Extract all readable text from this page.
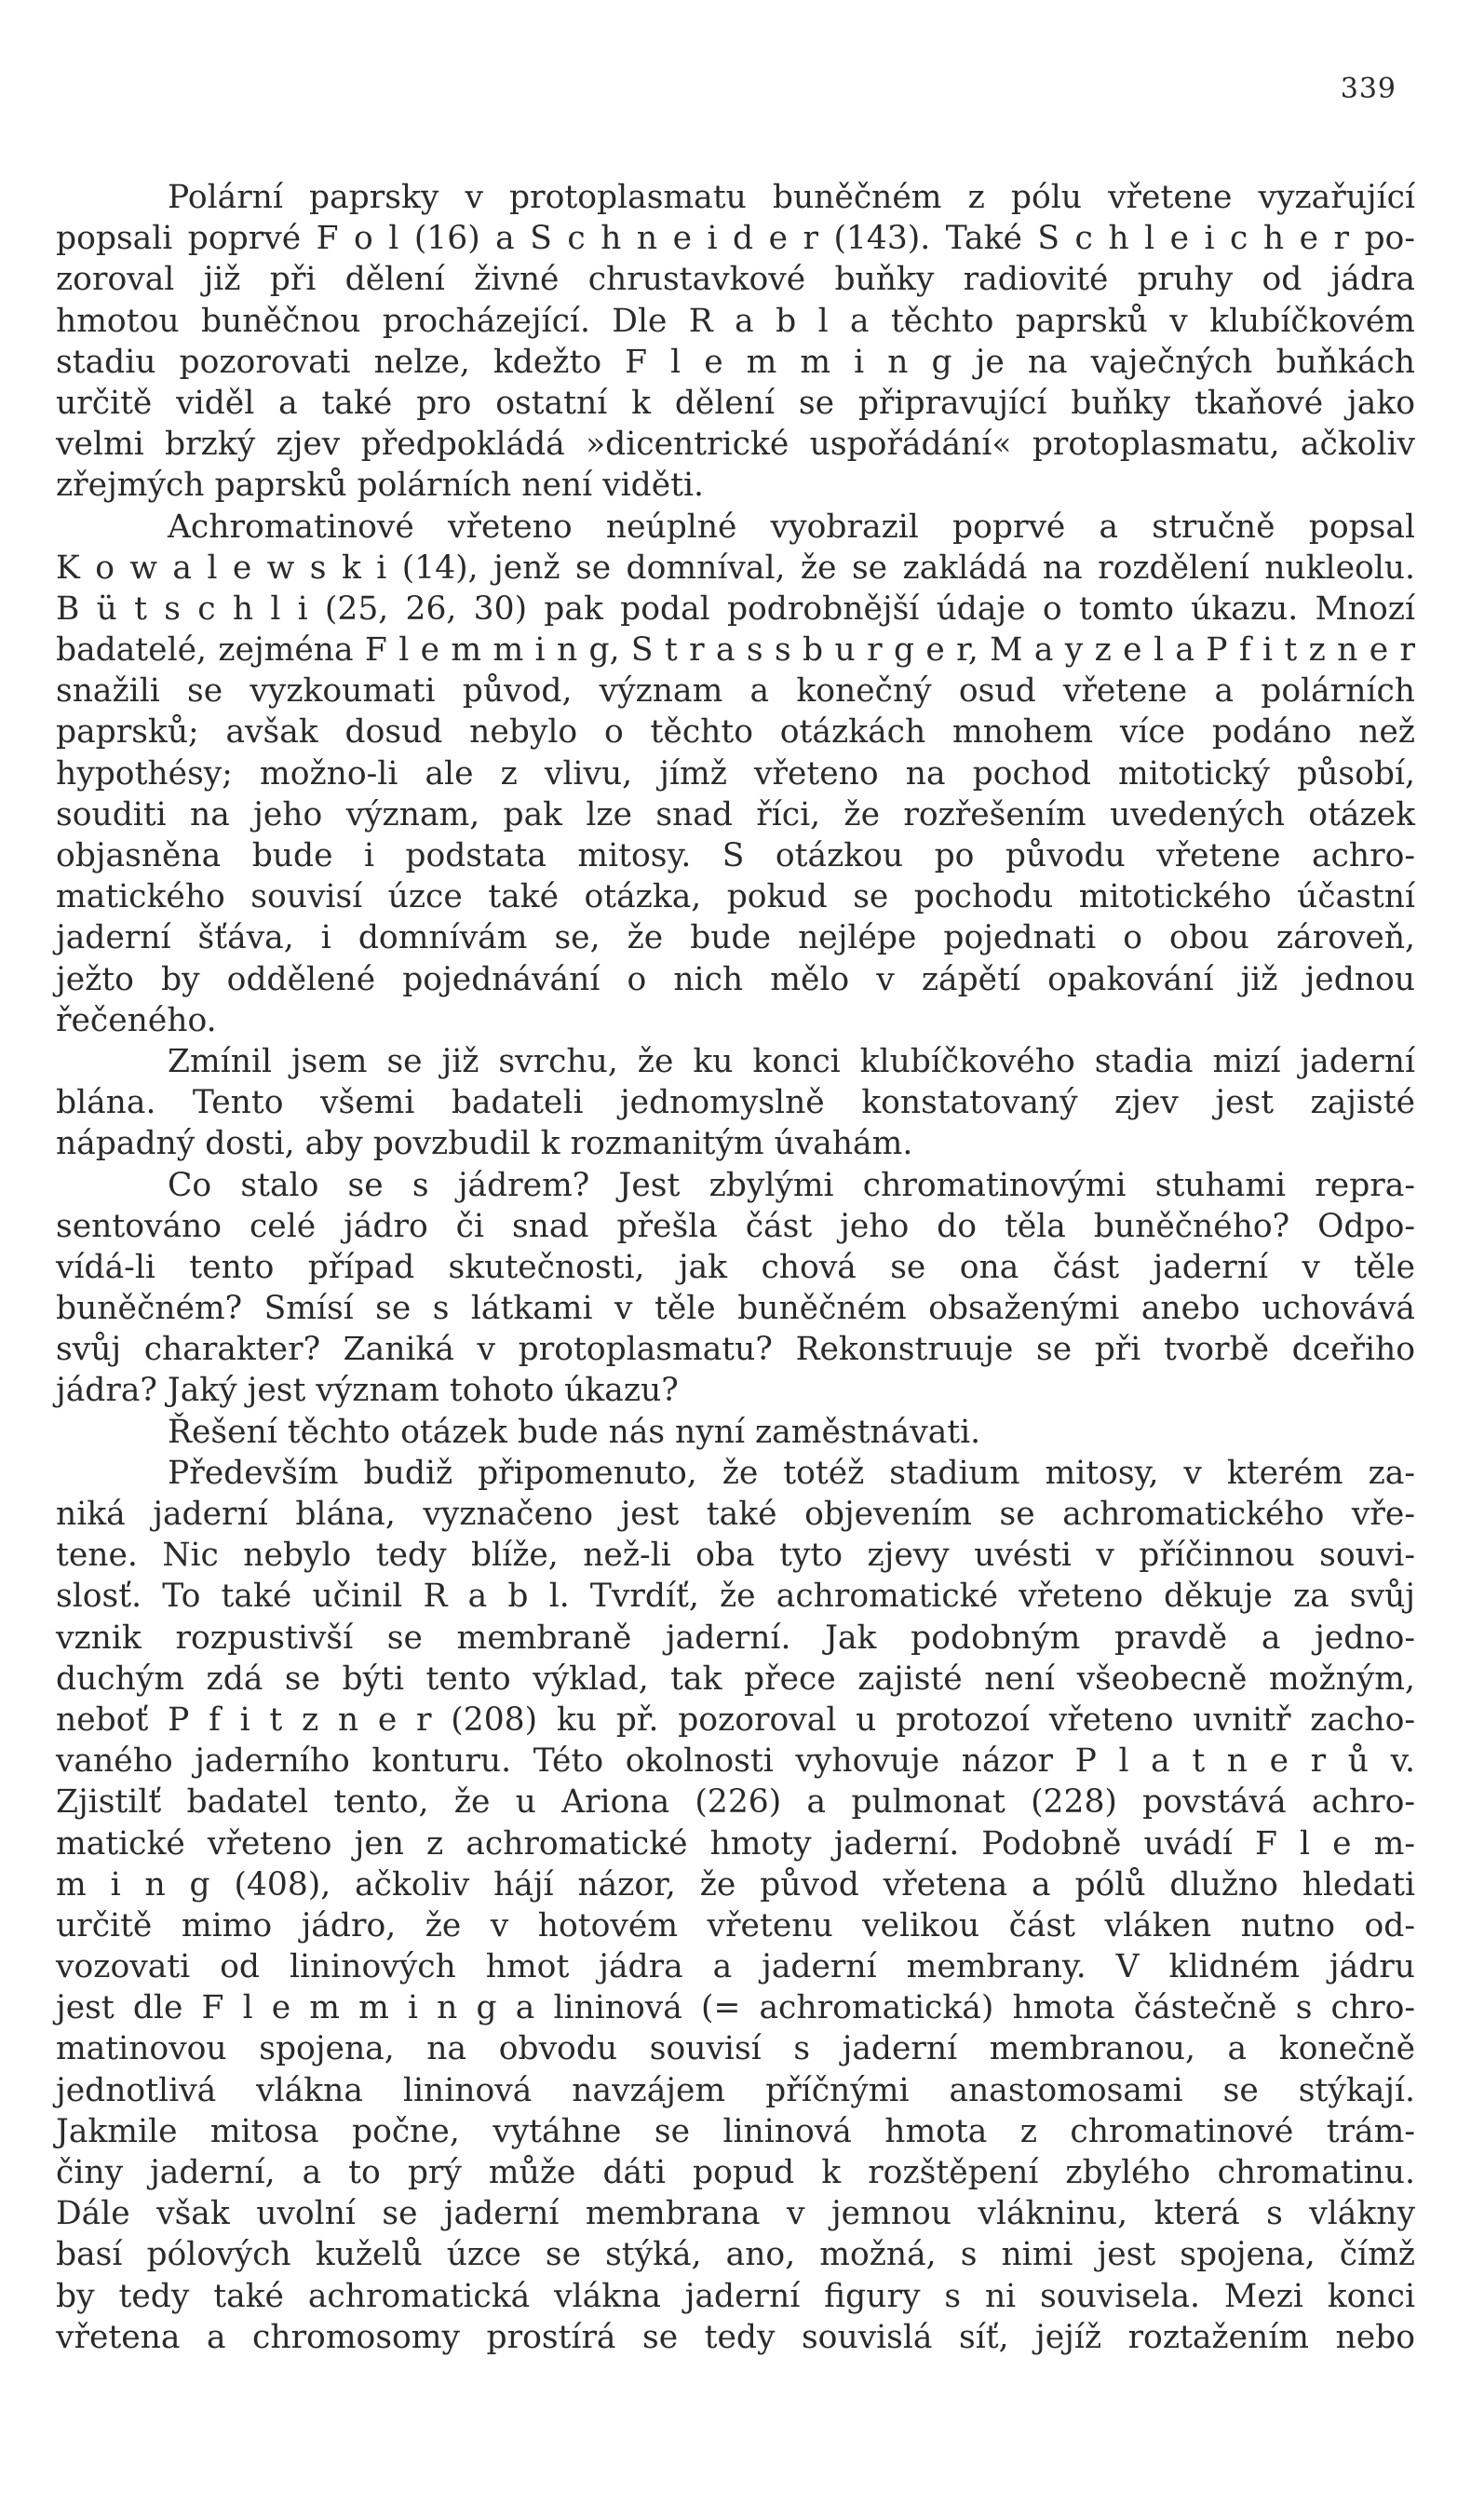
339
Polární paprsky v protoplasmatu buněčném z pólu vřetene vyzařující
popsali poprvé F o l (16) a S c h n e i d e r (143). Také S c h l e i c h e r po-
zoroval již při dělení živné chrustavkové buňky radiovité pruhy od jádra
hmotou buněčnou procházející. Dle R a b l a těchto paprsků v klubíčkovém
stadiu pozorovati nelze, kdežto F l e m m i n g je na vaječných buňkách
určitě viděl a také pro ostatní k dělení se připravující buňky tkaňové jako
velmi brzký zjev předpokládá »dicentrické uspořádání« protoplasmatu, ačkoliv
zřejmých paprsků polárních není viděti.
Achromatinové vřeteno neúplné vyobrazil poprvé a stručně popsal
K o w a l e w s k i (14), jenž se domníval, že se zakládá na rozdělení nukleolu.
B ü t s c h l i (25, 26, 30) pak podal podrobnější údaje o tomto úkazu. Mnozí
badatelé, zejména F l e m m i n g, S t r a s s b u r g e r, M a y z e l a P f i t z n e r
snažili se vyzkoumati původ, význam a konečný osud vřetene a polárních
paprsků; avšak dosud nebylo o těchto otázkách mnohem více podáno než
hypothésy; možno-li ale z vlivu, jímž vřeteno na pochod mitotický působí,
souditi na jeho význam, pak lze snad říci, že rozřešením uvedených otázek
objasněna bude i podstata mitosy. S otázkou po původu vřetene achro-
matického souvisí úzce také otázka, pokud se pochodu mitotického účastní
jaderní šťáva, i domnívám se, že bude nejlépe pojednati o obou zároveň,
ježto by oddělené pojednávání o nich mělo v zápětí opakování již jednou
řečeného.
Zmínil jsem se již svrchu, že ku konci klubíčkového stadia mizí jaderní
blána. Tento všemi badateli jednomyslně konstatovaný zjev jest zajisté
nápadný dosti, aby povzbudil k rozmanitým úvahám.
Co stalo se s jádrem? Jest zbylými chromatinovými stuhami repra-
sentováno celé jádro či snad přešla část jeho do těla buněčného? Odpo-
vídá-li tento případ skutečnosti, jak chová se ona část jaderní v těle
buněčném? Smísí se s látkami v těle buněčném obsaženými anebo uchovává
svůj charakter? Zaniká v protoplasmatu? Rekonstruuje se při tvorbě dceřiho
jádra? Jaký jest význam tohoto úkazu?
Řešení těchto otázek bude nás nyní zaměstnávati.
Především budiž připomenuto, že totéž stadium mitosy, v kterém za-
niká jaderní blána, vyznačeno jest také objevením se achromatického vře-
tene. Nic nebylo tedy blíže, než-li oba tyto zjevy uvésti v příčinnou souvi-
slosť. To také učinil R a b l. Tvrdíť, že achromatické vřeteno děkuje za svůj
vznik rozpustivší se membraně jaderní. Jak podobným pravdě a jedno-
duchým zdá se býti tento výklad, tak přece zajisté není všeobecně možným,
neboť P f i t z n e r (208) ku př. pozoroval u protozoí vřeteno uvnitř zacho-
vaného jaderního konturu. Této okolnosti vyhovuje názor P l a t n e r ů v.
Zjistilť badatel tento, že u Ariona (226) a pulmonat (228) povstává achro-
matické vřeteno jen z achromatické hmoty jaderní. Podobně uvádí F l e m-
m i n g (408), ačkoliv hájí názor, že původ vřetena a pólů dlužno hledati
určitě mimo jádro, že v hotovém vřetenu velikou část vláken nutno od-
vozovati od lininových hmot jádra a jaderní membrany. V klidném jádru
jest dle F l e m m i n g a lininová (= achromatická) hmota částečně s chro-
matinovou spojena, na obvodu souvisí s jaderní membranou, a konečně
jednotlivá vlákna lininová navzájem příčnými anastomosami se stýkají.
Jakmile mitosa počne, vytáhne se lininová hmota z chromatinové trám-
činy jaderní, a to prý může dáti popud k rozštěpení zbylého chromatinu.
Dále však uvolní se jaderní membrana v jemnou vlákninu, která s vlákny
basí pólových kuželů úzce se stýká, ano, možná, s nimi jest spojena, čímž
by tedy také achromatická vlákna jaderní figury s ni souvisela. Mezi konci
vřetena a chromosomy prostírá se tedy souvislá síť, jejíž roztažením nebo
